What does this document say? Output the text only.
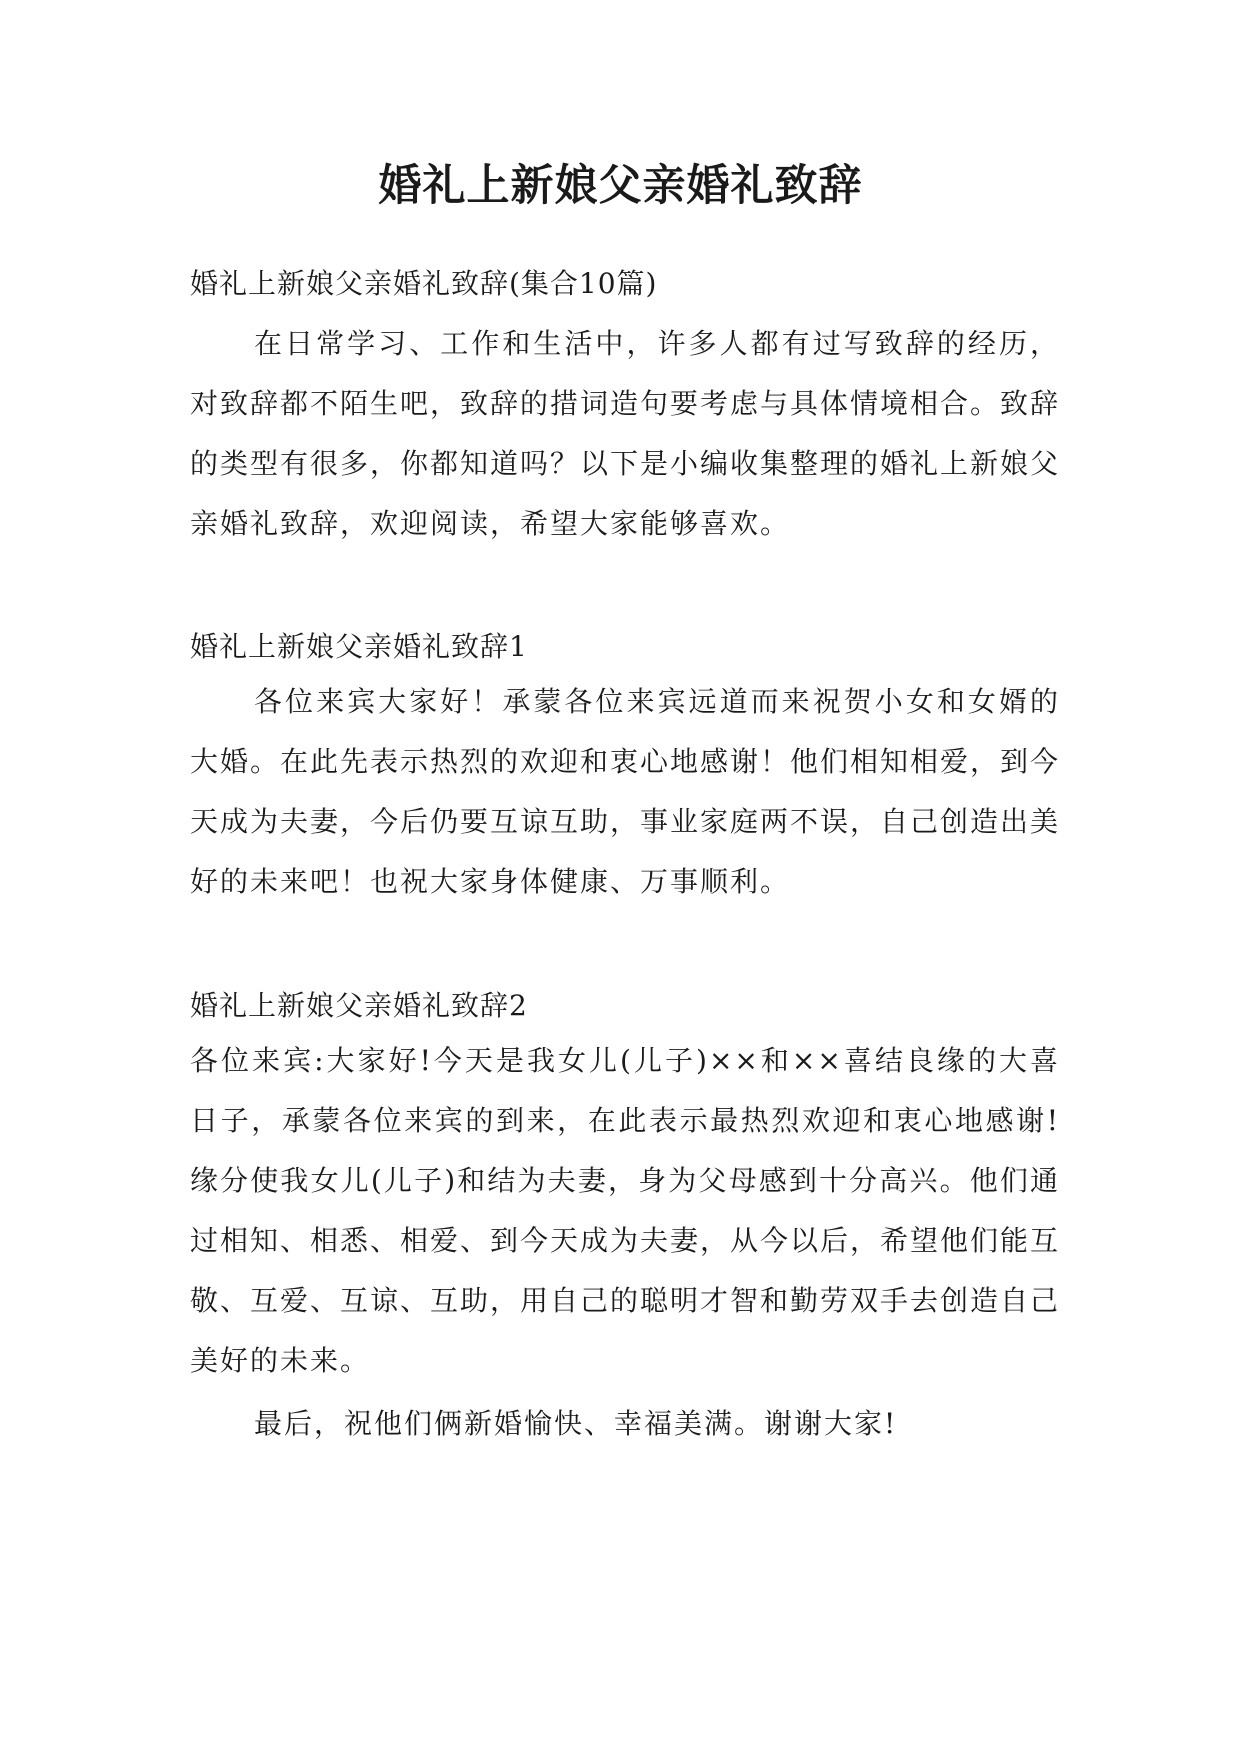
婚礼上新娘父亲婚礼致辞

婚礼上新娘父亲婚礼致辞(集合10篇)

在日常学习、工作和生活中，许多人都有过写致辞的经历，对致辞都不陌生吧，致辞的措词造句要考虑与具体情境相合。致辞的类型有很多，你都知道吗？以下是小编收集整理的婚礼上新娘父亲婚礼致辞，欢迎阅读，希望大家能够喜欢。

婚礼上新娘父亲婚礼致辞1

各位来宾大家好！承蒙各位来宾远道而来祝贺小女和女婿的大婚。在此先表示热烈的欢迎和衷心地感谢！他们相知相爱，到今天成为夫妻，今后仍要互谅互助，事业家庭两不误，自己创造出美好的未来吧！也祝大家身体健康、万事顺利。

婚礼上新娘父亲婚礼致辞2

各位来宾:大家好!今天是我女儿(儿子)××和××喜结良缘的大喜日子，承蒙各位来宾的到来，在此表示最热烈欢迎和衷心地感谢!缘分使我女儿(儿子)和结为夫妻，身为父母感到十分高兴。他们通过相知、相悉、相爱、到今天成为夫妻，从今以后，希望他们能互敬、互爱、互谅、互助，用自己的聪明才智和勤劳双手去创造自己美好的未来。

最后，祝他们俩新婚愉快、幸福美满。谢谢大家!
